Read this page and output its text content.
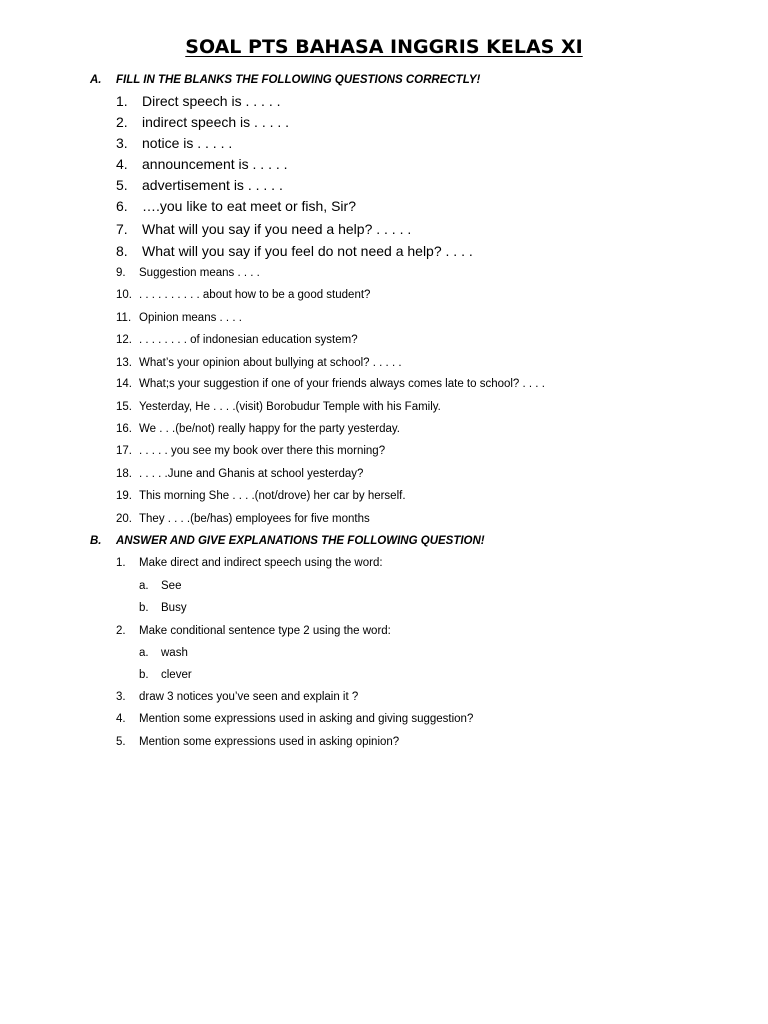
SOAL PTS BAHASA INGGRIS KELAS XI
A. FILL IN THE BLANKS THE FOLLOWING QUESTIONS CORRECTLY!
1. Direct speech is . . . . .
2. indirect speech is . . . . .
3. notice is . . . . .
4. announcement is . . . . .
5. advertisement is . . . . .
6. ….you like to eat meet or fish, Sir?
7. What will you say if you need a help? . . . . .
8. What will you say if you feel do not need a help? . . . .
9. Suggestion means . . . .
10. . . . . . . . . . . about how to be a good student?
11. Opinion means . . . .
12. . . . . . . . . of indonesian education system?
13. What’s your opinion about bullying at school? . . . . .
14. What;s your suggestion if one of your friends always comes late to school? . . . .
15. Yesterday, He . . . .(visit) Borobudur Temple with his Family.
16. We . . .(be/not) really happy for the party yesterday.
17. . . . . . you see my book over there this morning?
18. . . . . .June and Ghanis at school yesterday?
19. This morning She . . . .(not/drove) her car by herself.
20. They . . . .(be/has) employees for five months
B. ANSWER AND GIVE EXPLANATIONS THE FOLLOWING QUESTION!
1. Make direct and indirect speech using the word:
a. See
b. Busy
2. Make conditional sentence type 2 using the word:
a. wash
b. clever
3. draw 3 notices you’ve seen and explain it ?
4. Mention some expressions used in asking and giving suggestion?
5. Mention some expressions used in asking opinion?
